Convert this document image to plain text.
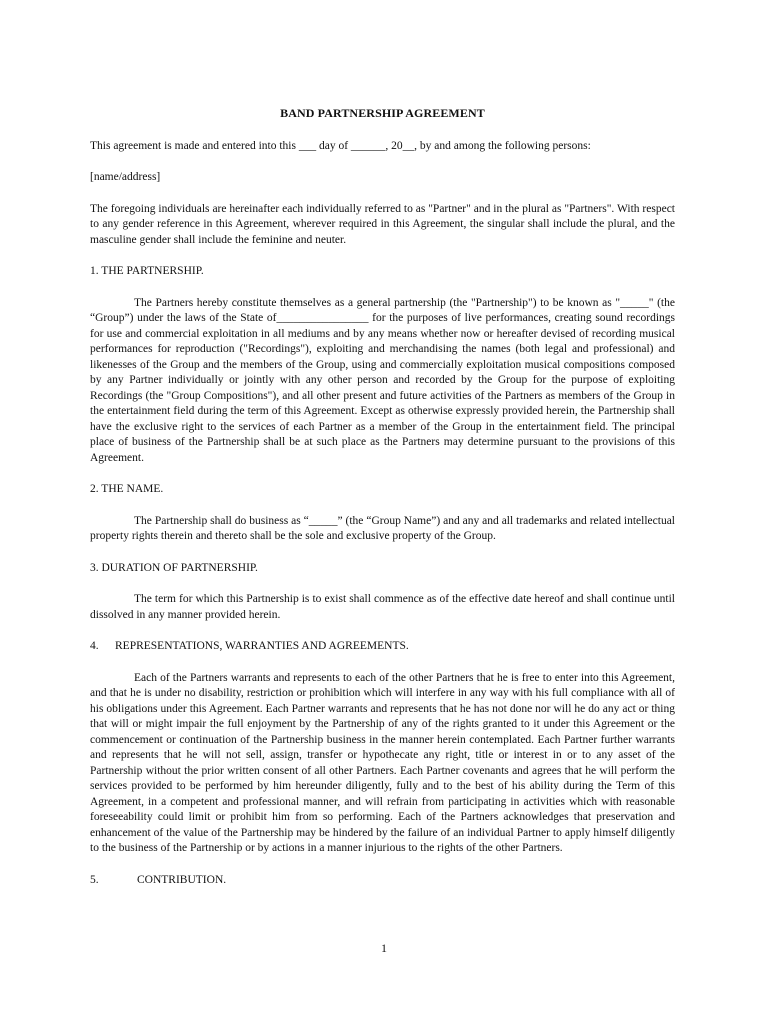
BAND PARTNERSHIP AGREEMENT

This agreement is made and entered into this ___ day of ______, 20__, by and among the following persons:

[name/address]

The foregoing individuals are hereinafter each individually referred to as "Partner" and in the plural as "Partners". With respect to any gender reference in this Agreement, wherever required in this Agreement, the singular shall include the plural, and the masculine gender shall include the feminine and neuter.

1. THE PARTNERSHIP.

The Partners hereby constitute themselves as a general partnership (the "Partnership") to be known as "_____" (the “Group”) under the laws of the State of________________ for the purposes of live performances, creating sound recordings for use and commercial exploitation in all mediums and by any means whether now or hereafter devised of recording musical performances for reproduction ("Recordings"), exploiting and merchandising the names (both legal and professional) and likenesses of the Group and the members of the Group, using and commercially exploitation musical compositions composed by any Partner individually or jointly with any other person and recorded by the Group for the purpose of exploiting Recordings (the "Group Compositions"), and all other present and future activities of the Partners as members of the Group in the entertainment field during the term of this Agreement. Except as otherwise expressly provided herein, the Partnership shall have the exclusive right to the services of each Partner as a member of the Group in the entertainment field. The principal place of business of the Partnership shall be at such place as the Partners may determine pursuant to the provisions of this Agreement.

2. THE NAME.

The Partnership shall do business as “_____” (the “Group Name”) and any and all trademarks and related intellectual property rights therein and thereto shall be the sole and exclusive property of the Group.

3. DURATION OF PARTNERSHIP.

The term for which this Partnership is to exist shall commence as of the effective date hereof and shall continue until dissolved in any manner provided herein.

4. REPRESENTATIONS, WARRANTIES AND AGREEMENTS.

Each of the Partners warrants and represents to each of the other Partners that he is free to enter into this Agreement, and that he is under no disability, restriction or prohibition which will interfere in any way with his full compliance with all of his obligations under this Agreement. Each Partner warrants and represents that he has not done nor will he do any act or thing that will or might impair the full enjoyment by the Partnership of any of the rights granted to it under this Agreement or the commencement or continuation of the Partnership business in the manner herein contemplated. Each Partner further warrants and represents that he will not sell, assign, transfer or hypothecate any right, title or interest in or to any asset of the Partnership without the prior written consent of all other Partners. Each Partner covenants and agrees that he will perform the services provided to be performed by him hereunder diligently, fully and to the best of his ability during the Term of this Agreement, in a competent and professional manner, and will refrain from participating in activities which with reasonable foreseeability could limit or prohibit him from so performing. Each of the Partners acknowledges that preservation and enhancement of the value of the Partnership may be hindered by the failure of an individual Partner to apply himself diligently to the business of the Partnership or by actions in a manner injurious to the rights of the other Partners.

5.	CONTRIBUTION.
1
